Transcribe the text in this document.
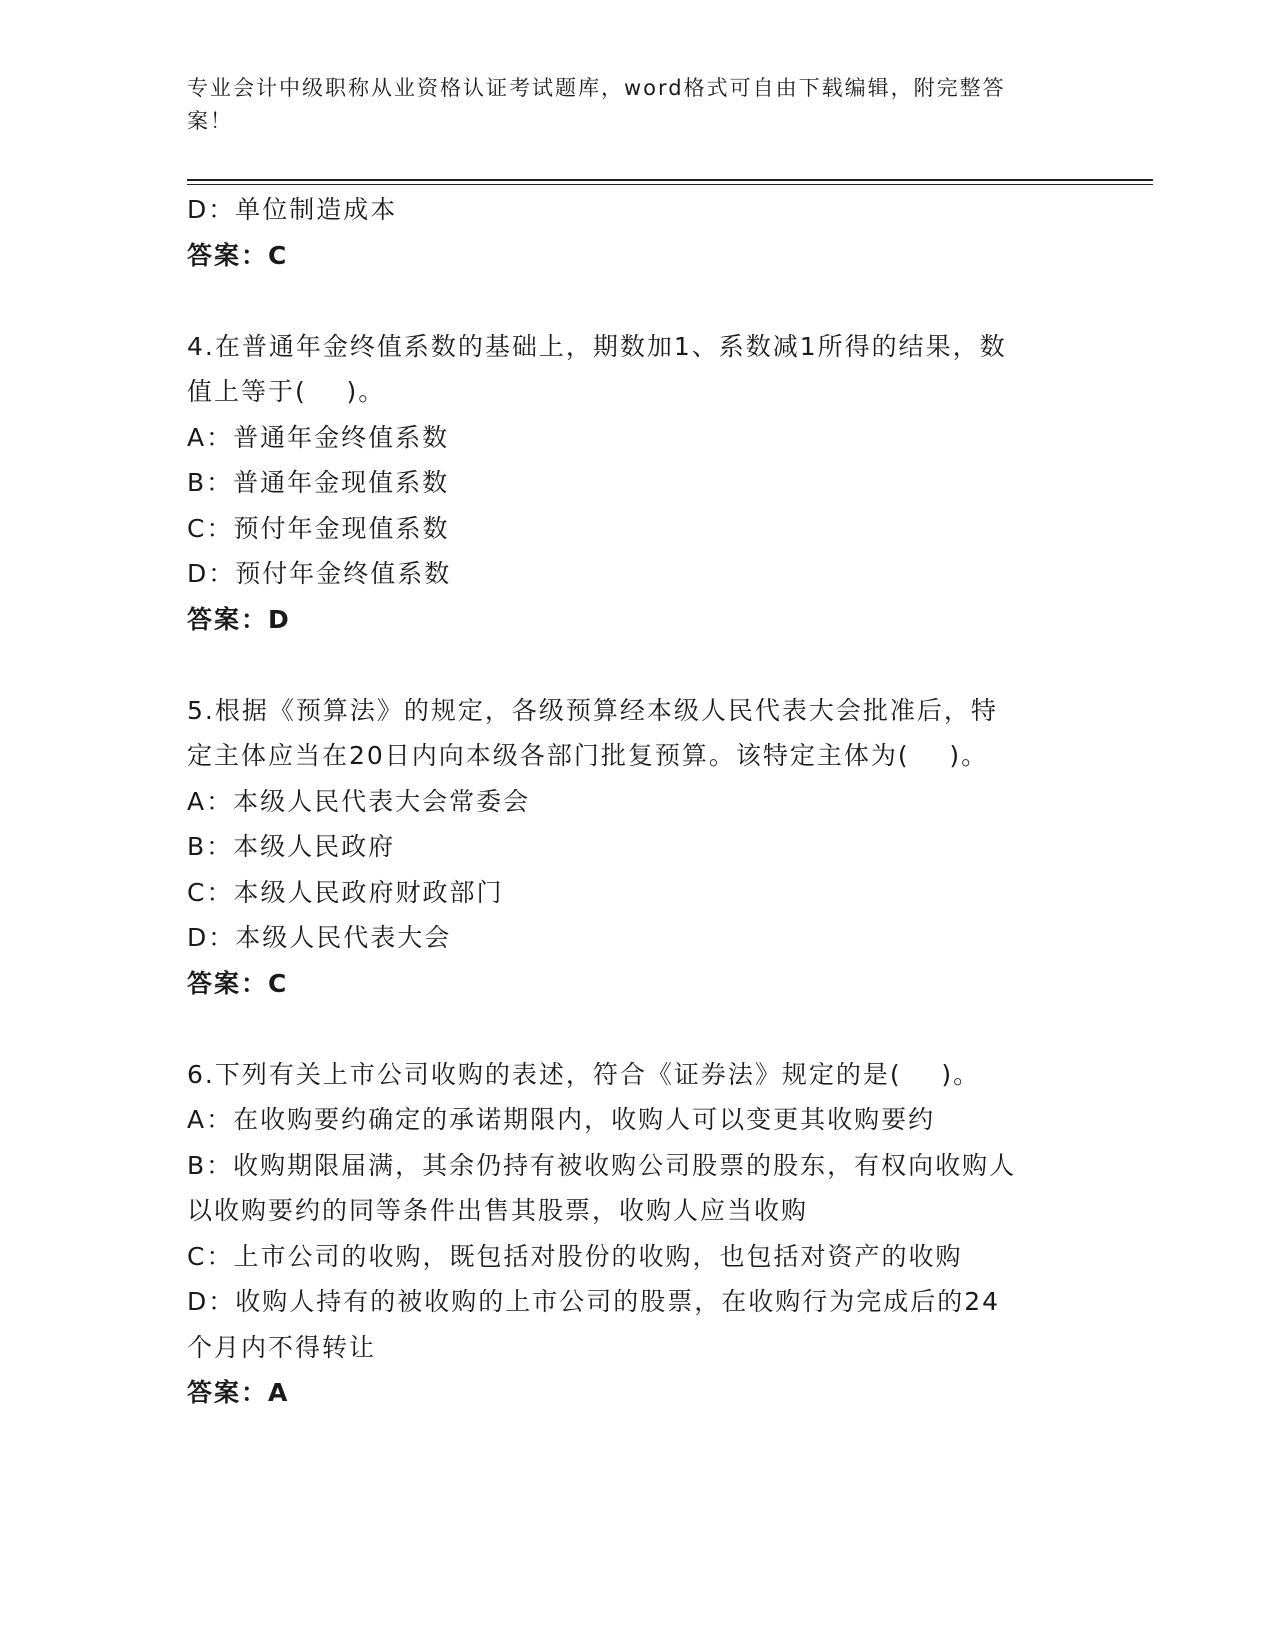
专业会计中级职称从业资格认证考试题库，word格式可自由下载编辑，附完整答
案！
D：单位制造成本
答案：C
4.在普通年金终值系数的基础上，期数加1、系数减1所得的结果，数
值上等于(    )。
A：普通年金终值系数
B：普通年金现值系数
C：预付年金现值系数
D：预付年金终值系数
答案：D
5.根据《预算法》的规定，各级预算经本级人民代表大会批准后，特
定主体应当在20日内向本级各部门批复预算。该特定主体为(    )。
A：本级人民代表大会常委会
B：本级人民政府
C：本级人民政府财政部门
D：本级人民代表大会
答案：C
6.下列有关上市公司收购的表述，符合《证券法》规定的是(    )。
A：在收购要约确定的承诺期限内，收购人可以变更其收购要约
B：收购期限届满，其余仍持有被收购公司股票的股东，有权向收购人
以收购要约的同等条件出售其股票，收购人应当收购
C：上市公司的收购，既包括对股份的收购，也包括对资产的收购
D：收购人持有的被收购的上市公司的股票，在收购行为完成后的24
个月内不得转让
答案：A
